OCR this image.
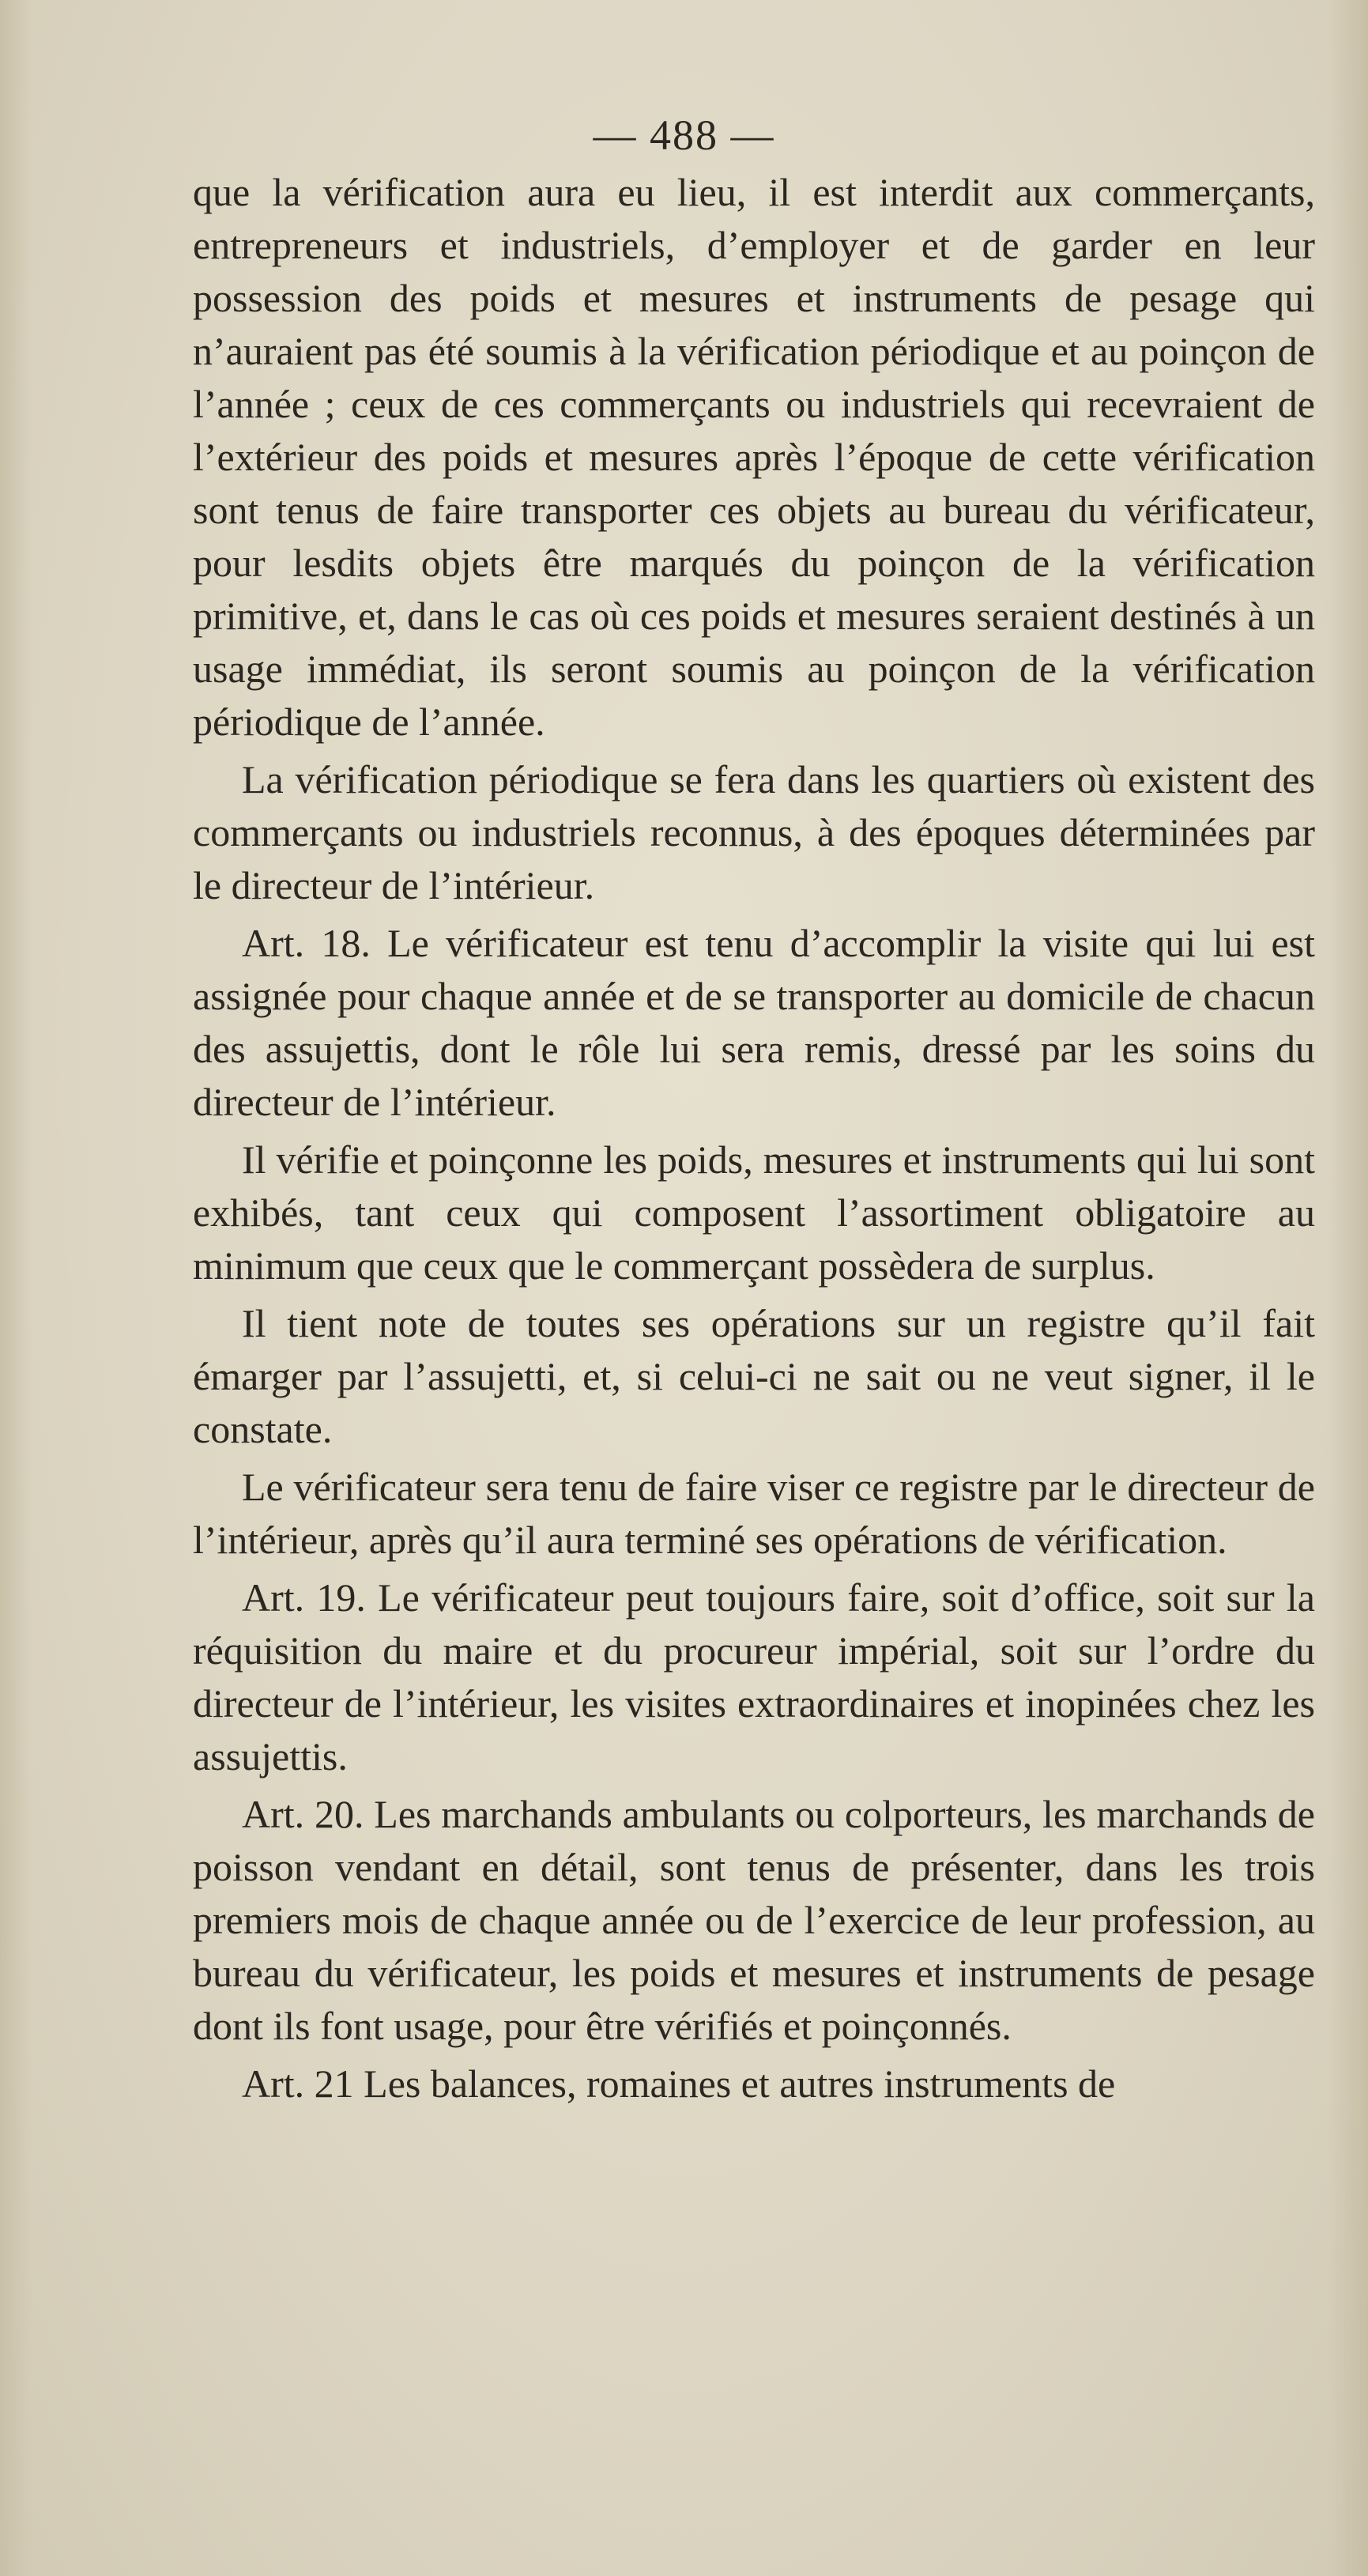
— 488 —

que la vérification aura eu lieu, il est interdit aux commerçants, entrepreneurs et industriels, d’employer et de garder en leur possession des poids et mesures et instruments de pesage qui n’auraient pas été soumis à la vérification périodique et au poinçon de l’année ; ceux de ces commerçants ou industriels qui recevraient de l’extérieur des poids et mesures après l’époque de cette vérification sont tenus de faire transporter ces objets au bureau du vérificateur, pour lesdits objets être marqués du poinçon de la vérification primitive, et, dans le cas où ces poids et mesures seraient destinés à un usage immédiat, ils seront soumis au poinçon de la vérification périodique de l’année.

La vérification périodique se fera dans les quartiers où existent des commerçants ou industriels reconnus, à des époques déterminées par le directeur de l’intérieur.

Art. 18. Le vérificateur est tenu d’accomplir la visite qui lui est assignée pour chaque année et de se transporter au domicile de chacun des assujettis, dont le rôle lui sera remis, dressé par les soins du directeur de l’intérieur.

Il vérifie et poinçonne les poids, mesures et instruments qui lui sont exhibés, tant ceux qui composent l’assortiment obligatoire au minimum que ceux que le commerçant possèdera de surplus.

Il tient note de toutes ses opérations sur un registre qu’il fait émarger par l’assujetti, et, si celui-ci ne sait ou ne veut signer, il le constate.

Le vérificateur sera tenu de faire viser ce registre par le directeur de l’intérieur, après qu’il aura terminé ses opérations de vérification.

Art. 19. Le vérificateur peut toujours faire, soit d’office, soit sur la réquisition du maire et du procureur impérial, soit sur l’ordre du directeur de l’intérieur, les visites extraordinaires et inopinées chez les assujettis.

Art. 20. Les marchands ambulants ou colporteurs, les marchands de poisson vendant en détail, sont tenus de présenter, dans les trois premiers mois de chaque année ou de l’exercice de leur profession, au bureau du vérificateur, les poids et mesures et instruments de pesage dont ils font usage, pour être vérifiés et poinçonnés.

Art. 21 Les balances, romaines et autres instruments de
